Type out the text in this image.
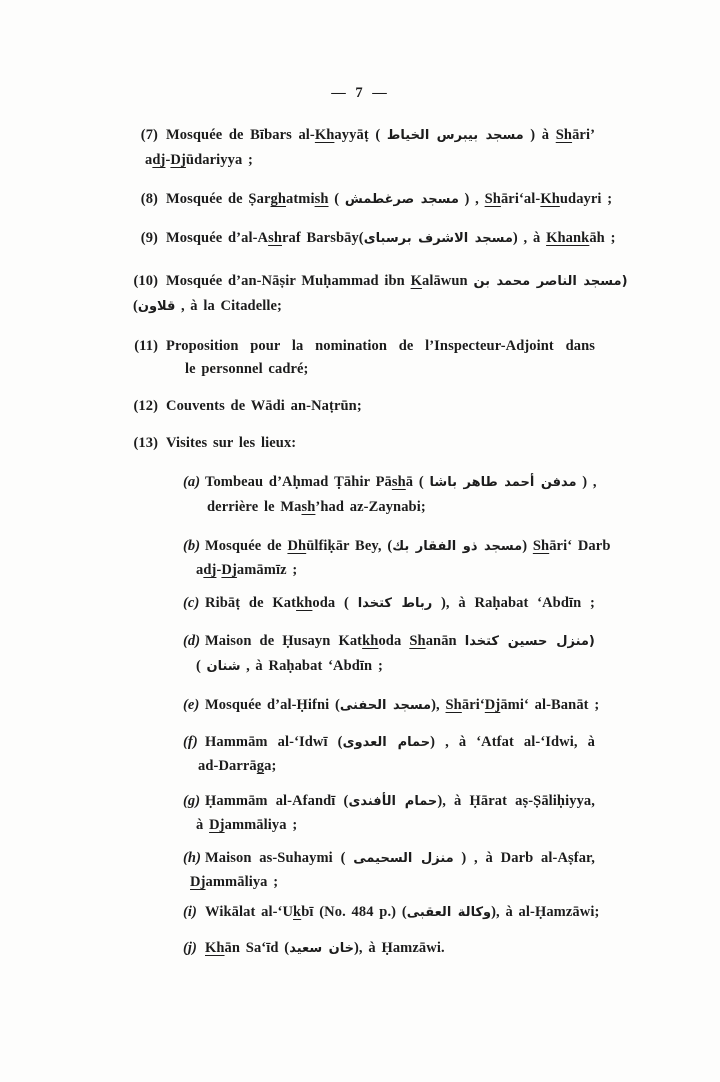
— 7 —
(7) Mosquée de Bībars al-Khayyāṭ ( مسجد بيبرس الخياط ) à Shāri’
adj-Djūdariyya ;
(8) Mosquée de Ṣarghatmish ( مسجد صرغطمش ) , Shāri‘al-Khudayri ;
(9) Mosquée d’al-Ashraf Barsbāy(مسجد الاشرف برسباى) , à Khankāh ;
(10) Mosquée d’an-Nāṣir Muḥammad ibn Kalāwun (مسجد الناصر محمد بن
(قلاون , à la Citadelle;
(11) Proposition pour la nomination de l’Inspecteur-Adjoint dans
le personnel cadré;
(12) Couvents de Wādi an-Naṭrūn;
(13) Visites sur les lieux:
(a) Tombeau d’Aḥmad Ṭāhir Pāshā ( مدفن أحمد طاهر باشا ) ,
derrière le Mash’had az-Zaynabi;
(b) Mosquée de Dhūlfiḳār Bey, (مسجد ذو الفقار بك) Shāri‘ Darb
adj-Djamāmīz ;
(c) Ribāṭ de Katkhoda ( رباط كتخدا ), à Raḥabat ‘Abdīn ;
(d) Maison de Ḥusayn Katkhoda Shanān (منزل حسين كتخدا
( شنان , à Raḥabat ‘Abdīn ;
(e) Mosquée d’al-Ḥifni (مسجد الحفنى), Shāri‘Djāmi‘ al-Banāt ;
(f) Hammām al-‘Idwī (حمام العدوى) , à ‘Atfat al-‘Idwi, à
ad-Darrāga;
(g) Ḥammām al-Afandī (حمام الأفندى), à Ḥārat aṣ-Ṣāliḥiyya,
à Djammāliya ;
(h) Maison as-Suhaymi ( منزل السحيمى ) , à Darb al-Aṣfar,
Djammāliya ;
(i) Wikālat al-‘Ukbī (No. 484 p.) (وكالة العقبى), à al-Ḥamzāwi;
(j) Khān Sa‘īd (خان سعيد), à Ḥamzāwi.
